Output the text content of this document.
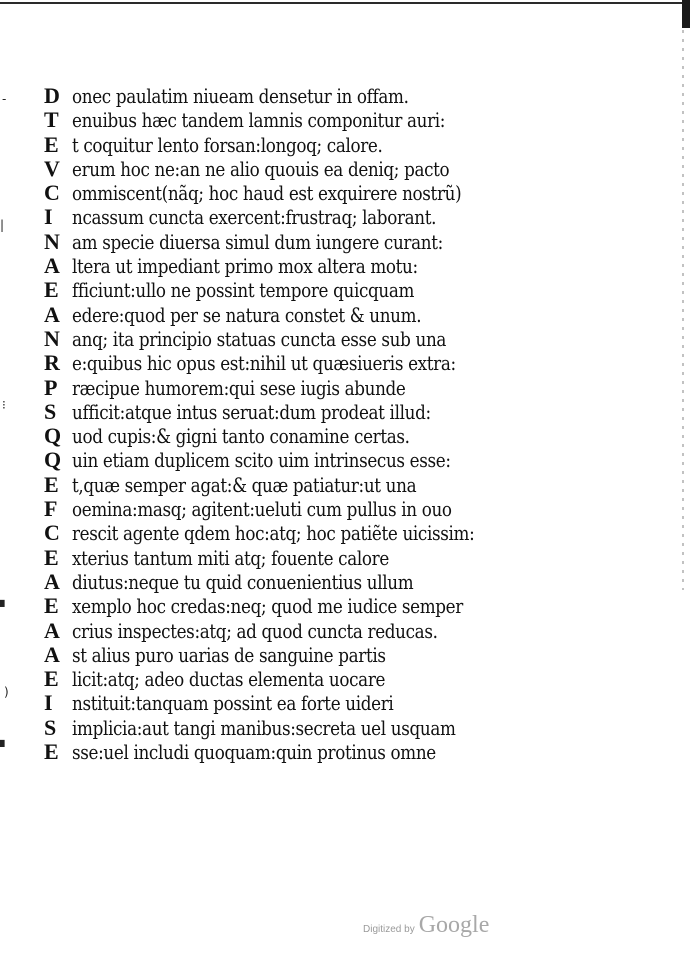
-
|
⁝
▘
)
▖
D onec paulatim niueam densetur in offam.
T enuibus hæc tandem lamnis componitur auri:
E t coquitur lento forsan:longoq; calore.
V erum hoc ne:an ne alio quouis ea deniq; pacto
C ommiscent(nãq; hoc haud est exquirere nostrũ)
I ncassum cuncta exercent:frustraq; laborant.
N am specie diuersa simul dum iungere curant:
A ltera ut impediant primo mox altera motu:
E fficiunt:ullo ne possint tempore quicquam
A edere:quod per se natura constet & unum.
N anq; ita principio statuas cuncta esse sub una
R e:quibus hic opus est:nihil ut quæsiueris extra:
P ræcipue humorem:qui sese iugis abunde
S ufficit:atque intus seruat:dum prodeat illud:
Q uod cupis:& gigni tanto conamine certas.
Q uin etiam duplicem scito uim intrinsecus esse:
E t,quæ semper agat:& quæ patiatur:ut una
F oemina:masq; agitent:ueluti cum pullus in ouo
C rescit agente qdem hoc:atq; hoc patiẽte uicissim:
E xterius tantum miti atq; fouente calore
A diutus:neque tu quid conuenientius ullum
E xemplo hoc credas:neq; quod me iudice semper
A crius inspectes:atq; ad quod cuncta reducas.
A st alius puro uarias de sanguine partis
E licit:atq; adeo ductas elementa uocare
I nstituit:tanquam possint ea forte uideri
S implicia:aut tangi manibus:secreta uel usquam
E sse:uel includi quoquam:quin protinus omne
Digitized by Google
